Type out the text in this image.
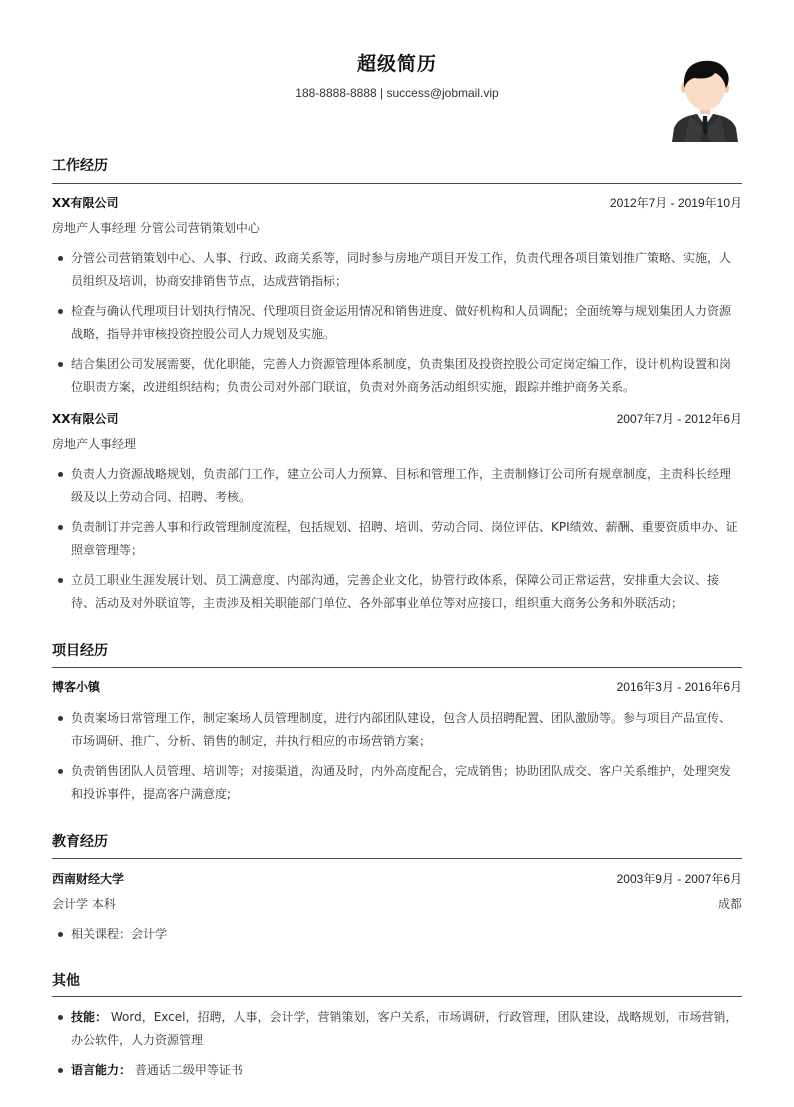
超级简历
188-8888-8888 | success@jobmail.vip
工作经历
XX有限公司	2012年7月 - 2019年10月
房地产人事经理 分管公司营销策划中心
分管公司营销策划中心、人事、行政、政商关系等，同时参与房地产项目开发工作，负责代理各项目策划推广策略、实施，人员组织及培训，协商安排销售节点，达成营销指标；
检查与确认代理项目计划执行情况、代理项目资金运用情况和销售进度、做好机构和人员调配；全面统筹与规划集团人力资源战略，指导并审核投资控股公司人力规划及实施。
结合集团公司发展需要，优化职能，完善人力资源管理体系制度，负责集团及投资控股公司定岗定编工作，设计机构设置和岗位职责方案，改进组织结构；负责公司对外部门联谊，负责对外商务活动组织实施，跟踪并维护商务关系。
XX有限公司	2007年7月 - 2012年6月
房地产人事经理
负责人力资源战略规划，负责部门工作，建立公司人力预算、目标和管理工作，主责制修订公司所有规章制度，主责科长经理级及以上劳动合同、招聘、考核。
负责制订并完善人事和行政管理制度流程，包括规划、招聘、培训、劳动合同、岗位评估、KPI绩效、薪酬、重要资质申办、证照章管理等；
立员工职业生涯发展计划、员工满意度、内部沟通，完善企业文化，协管行政体系，保障公司正常运营，安排重大会议、接待、活动及对外联谊等，主责涉及相关职能部门单位、各外部事业单位等对应接口，组织重大商务公务和外联活动；
项目经历
博客小镇	2016年3月 - 2016年6月
负责案场日常管理工作，制定案场人员管理制度，进行内部团队建设，包含人员招聘配置、团队激励等。参与项目产品宣传、市场调研、推广、分析、销售的制定，并执行相应的市场营销方案；
负责销售团队人员管理、培训等；对接渠道，沟通及时，内外高度配合，完成销售；协助团队成交、客户关系维护，处理突发和投诉事件，提高客户满意度;
教育经历
西南财经大学	2003年9月 - 2007年6月
会计学 本科	成都
相关课程：会计学
其他
技能： Word，Excel，招聘，人事，会计学，营销策划，客户关系，市场调研，行政管理，团队建设，战略规划，市场营销，办公软件，人力资源管理
语言能力： 普通话二级甲等证书
